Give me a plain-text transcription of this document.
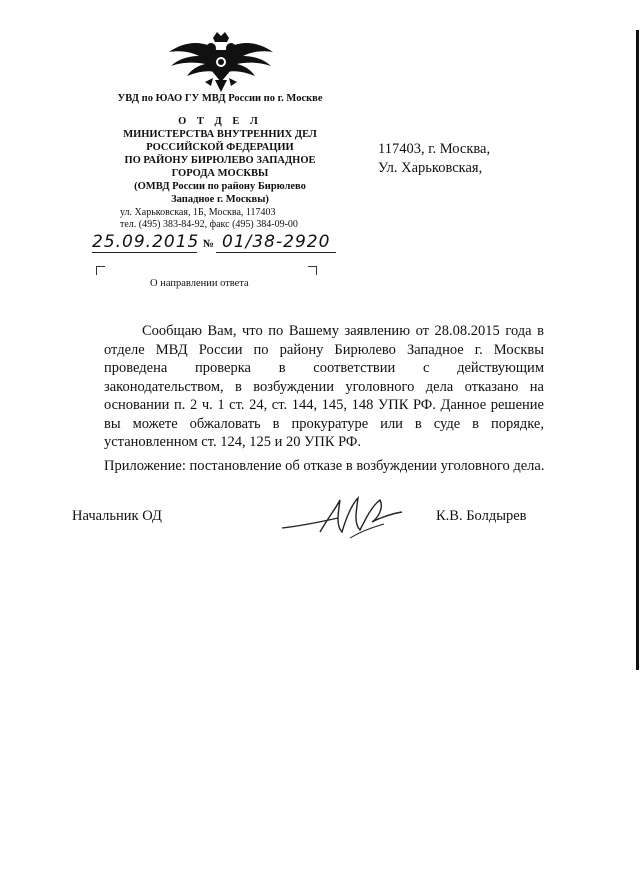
УВД по ЮАО ГУ МВД России по г. Москве
О Т Д Е Л
МИНИСТЕРСТВА ВНУТРЕННИХ ДЕЛ
РОССИЙСКОЙ ФЕДЕРАЦИИ
ПО РАЙОНУ БИРЮЛЕВО ЗАПАДНОЕ
ГОРОДА МОСКВЫ
(ОМВД России по району Бирюлево
Западное г. Москвы)
ул. Харьковская, 1Б, Москва, 117403
тел. (495) 383-84-92, факс (495) 384-09-00
25.09.2015 № 01/38-2920
О направлении ответа
117403, г. Москва,
Ул. Харьковская,

Сообщаю Вам, что по Вашему заявлению от 28.08.2015 года в отделе МВД России по району Бирюлево Западное г. Москвы проведена проверка в соответствии с действующим законодательством, в возбуждении уголовного дела отказано на основании п. 2 ч. 1 ст. 24, ст. 144, 145, 148 УПК РФ. Данное решение вы можете обжаловать в прокуратуре или в суде в порядке, установленном ст. 124, 125 и 20 УПК РФ.

Приложение: постановление об отказе в возбуждении уголовного дела.
Начальник ОД	К.В. Болдырев
